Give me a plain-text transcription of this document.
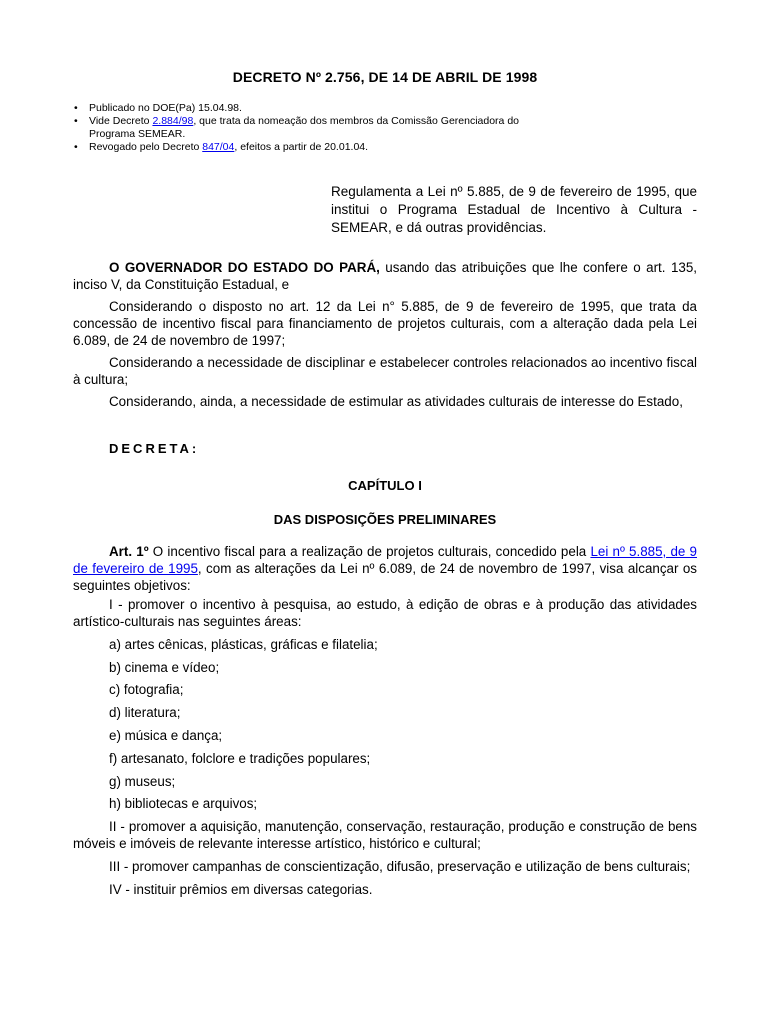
DECRETO Nº 2.756, DE 14 DE ABRIL DE 1998
• Publicado no DOE(Pa) 15.04.98.
• Vide Decreto 2.884/98, que trata da nomeação dos membros da Comissão Gerenciadora do Programa SEMEAR.
• Revogado pelo Decreto 847/04, efeitos a partir de 20.01.04.
Regulamenta a Lei nº 5.885, de 9 de fevereiro de 1995, que institui o Programa Estadual de Incentivo à Cultura - SEMEAR, e dá outras providências.

O GOVERNADOR DO ESTADO DO PARÁ, usando das atribuições que lhe confere o art. 135, inciso V, da Constituição Estadual, e

Considerando o disposto no art. 12 da Lei n° 5.885, de 9 de fevereiro de 1995, que trata da concessão de incentivo fiscal para financiamento de projetos culturais, com a alteração dada pela Lei 6.089, de 24 de novembro de 1997;

Considerando a necessidade de disciplinar e estabelecer controles relacionados ao incentivo fiscal à cultura;

Considerando, ainda, a necessidade de estimular as atividades culturais de interesse do Estado,

DECRETA:
CAPÍTULO I
DAS DISPOSIÇÕES PRELIMINARES

Art. 1º O incentivo fiscal para a realização de projetos culturais, concedido pela Lei nº 5.885, de 9 de fevereiro de 1995, com as alterações da Lei nº 6.089, de 24 de novembro de 1997, visa alcançar os seguintes objetivos:

I - promover o incentivo à pesquisa, ao estudo, à edição de obras e à produção das atividades artístico-culturais nas seguintes áreas:

a) artes cênicas, plásticas, gráficas e filatelia;

b) cinema e vídeo;

c) fotografia;

d) literatura;

e) música e dança;

f) artesanato, folclore e tradições populares;

g) museus;

h) bibliotecas e arquivos;

II - promover a aquisição, manutenção, conservação, restauração, produção e construção de bens móveis e imóveis de relevante interesse artístico, histórico e cultural;

III - promover campanhas de conscientização, difusão, preservação e utilização de bens culturais;

IV - instituir prêmios em diversas categorias.
